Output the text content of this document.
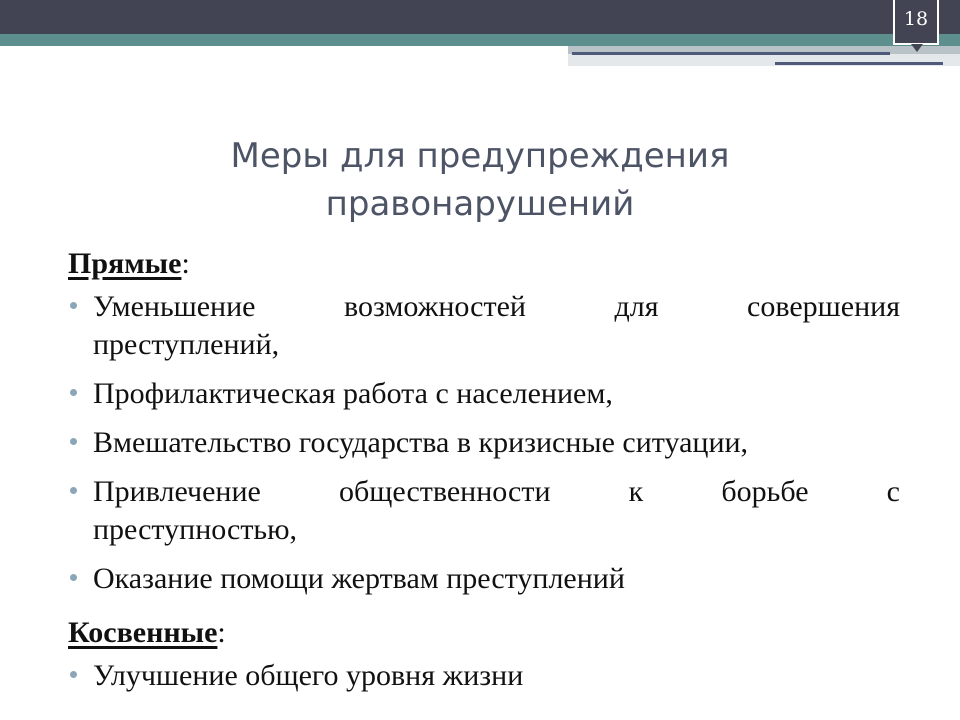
18
Меры для предупреждения
правонарушений
Прямые:
Уменьшение возможностей для совершения
преступлений,
Профилактическая работа с населением,
Вмешательство государства в кризисные ситуации,
Привлечение общественности к борьбе с
преступностью,
Оказание помощи жертвам преступлений
Косвенные:
Улучшение общего уровня жизни
